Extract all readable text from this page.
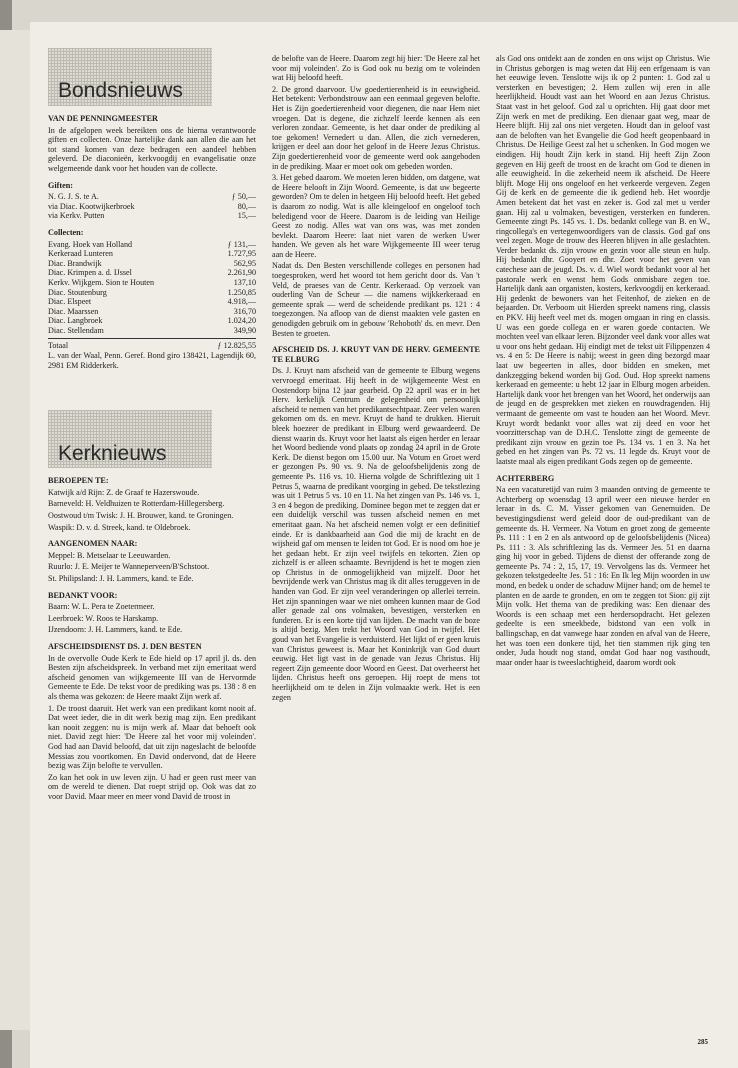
Bondsnieuws

VAN DE PENNINGMEESTER

In de afgelopen week bereikten ons de hierna verantwoorde giften en collecten. Onze hartelijke dank aan allen die aan het tot stand komen van deze bedragen een aandeel hebben geleverd. De diaconieën, kerkvoogdij en evangelisatie onze welgemeende dank voor het houden van de collecte.

Giften:

N. G. J. S. te A.	ƒ 50,—
via Diac. Kootwijkerbroek	80,—
via Kerkv. Putten	15,—

Collecten:

Evang. Hoek van Holland	ƒ 131,—
Kerkeraad Lunteren	1.727,95
Diac. Brandwijk	562,95
Diac. Krimpen a. d. IJssel	2.261,90
Kerkv. Wijkgem. Sion te Houten	137,10
Diac. Stoutenburg	1.250,85
Diac. Elspeet	4.918,—
Diac. Maarssen	316,70
Diac. Langbroek	1.024,20
Diac. Stellendam	349,90
Totaal	ƒ 12.825,55

L. van der Waal, Penn. Geref. Bond giro 138421, Lagendijk 60, 2981 EM Ridderkerk.

Kerknieuws

BEROEPEN TE:

Katwijk a/d Rijn: Z. de Graaf te Hazerswoude.

Barneveld: H. Veldhuizen te Rotterdam-Hillegersberg.

Oostwoud t/m Twisk: J. H. Brouwer, kand. te Groningen.

Waspik: D. v. d. Streek, kand. te Oldebroek.

AANGENOMEN NAAR:

Meppel: B. Metselaar te Leeuwarden.

Ruurlo: J. E. Meijer te Wanneperveen/B'Schstoot.

St. Philipsland: J. H. Lammers, kand. te Ede.

BEDANKT VOOR:

Baarn: W. L. Pera te Zoetermeer.

Leerbroek: W. Roos te Harskamp.

IJzendoorn: J. H. Lammers, kand. te Ede.

AFSCHEIDSDIENST DS. J. DEN BESTEN

In de overvolle Oude Kerk te Ede hield op 17 april jl. ds. den Besten zijn afscheidspreek. In verband met zijn emeritaat werd afscheid genomen van wijkgemeente III van de Hervormde Gemeente te Ede. De tekst voor de prediking was ps. 138 : 8 en als thema was gekozen: de Heere maakt Zijn werk af.

1. De troost daaruit. Het werk van een predikant komt nooit af. Dat weet ieder, die in dit werk bezig mag zijn. Een predikant kan nooit zeggen: nu is mijn werk af. Maar dat behoeft ook niet. David zegt hier: 'De Heere zal het voor mij voleinden'. God had aan David beloofd, dat uit zijn nageslacht de beloofde Messias zou voortkomen. En David ondervond, dat de Heere bezig was Zijn belofte te vervullen.

Zo kan het ook in uw leven zijn. U had er geen rust meer van om de wereld te dienen. Dat roept strijd op. Ook was dat zo voor David. Maar meer en meer vond David de troost in

de belofte van de Heere. Daarom zegt hij hier: 'De Heere zal het voor mij voleinden'. Zo is God ook nu bezig om te voleinden wat Hij beloofd heeft.

2. De grond daarvoor. Uw goedertierenheid is in eeuwigheid. Het betekent: Verbondstrouw aan een eenmaal gegeven belofte. Het is Zijn goedertierenheid voor diegenen, die naar Hem niet vroegen. Dat is degene, die zichzelf leerde kennen als een verloren zondaar. Gemeente, is het daar onder de prediking al toe gekomen! Vernedert u dan. Allen, die zich vernederen, krijgen er deel aan door het geloof in de Heere Jezus Christus. Zijn goedertierenheid voor de gemeente werd ook aangeboden in de prediking. Maar er moet ook om gebeden worden.

3. Het gebed daarom. We moeten leren bidden, om datgene, wat de Heere belooft in Zijn Woord. Gemeente, is dat uw begeerte geworden? Om te delen in hetgeen Hij beloofd heeft. Het gebed is daarom zo nodig. Wat is alle kleingeloof en ongeloof toch beledigend voor de Heere. Daarom is de leiding van Heilige Geest zo nodig. Alles wat van ons was, was met zonden bevlekt. Daarom Heere: laat niet varen de werken Uwer handen. We geven als het ware Wijkgemeente III weer terug aan de Heere.

Nadat ds. Den Besten verschillende colleges en personen had toegesproken, werd het woord tot hem gericht door ds. Van 't Veld, de praeses van de Centr. Kerkeraad. Op verzoek van ouderling Van de Scheur — die namens wijkkerkeraad en gemeente sprak — werd de scheidende predikant ps. 121 : 4 toegezongen. Na afloop van de dienst maakten vele gasten en genodigden gebruik om in gebouw 'Rehoboth' ds. en mevr. Den Besten te groeten.

AFSCHEID DS. J. KRUYT VAN DE HERV. GEMEENTE TE ELBURG

Ds. J. Kruyt nam afscheid van de gemeente te Elburg wegens vervroegd emeritaat. Hij heeft in de wijkgemeente West en Oostendorp bijna 12 jaar gearbeid. Op 22 april was er in het Herv. kerkelijk Centrum de gelegenheid om persoonlijk afscheid te nemen van het predikantsechtpaar. Zeer velen waren gekomen om ds. en mevr. Kruyt de hand te drukken. Hieruit bleek hoezeer de predikant in Elburg werd gewaardeerd. De dienst waarin ds. Kruyt voor het laatst als eigen herder en leraar het Woord bediende vond plaats op zondag 24 april in de Grote Kerk. De dienst begon om 15.00 uur. Na Votum en Groet werd er gezongen Ps. 90 vs. 9. Na de geloofsbelijdenis zong de gemeente Ps. 116 vs. 10. Hierna volgde de Schriftlezing uit 1 Petrus 5, waarna de predikant voorging in gebed. De tekstlezing was uit 1 Petrus 5 vs. 10 en 11. Na het zingen van Ps. 146 vs. 1, 3 en 4 begon de prediking. Dominee begon met te zeggen dat er een duidelijk verschil was tussen afscheid nemen en met emeritaat gaan. Na het afscheid nemen volgt er een definitief einde. Er is dankbaarheid aan God die mij de kracht en de wijsheid gaf om mensen te leiden tot God. Er is nood om hoe je het gedaan hebt. Er zijn veel twijfels en tekorten. Zien op zichzelf is er alleen schaamte. Bevrijdend is het te mogen zien op Christus in de onmogelijkheid van mijzelf. Door het bevrijdende werk van Christus mag ik dit alles teruggeven in de handen van God. Er zijn veel veranderingen op allerlei terrein. Het zijn spanningen waar we niet omheen kunnen maar de God aller genade zal ons volmaken, bevestigen, versterken en funderen. Er is een korte tijd van lijden. De macht van de boze is altijd bezig. Men trekt het Woord van God in twijfel. Het goud van het Evangelie is verduisterd. Het lijkt of er geen kruis van Christus geweest is. Maar het Koninkrijk van God duurt eeuwig. Het ligt vast in de genade van Jezus Christus. Hij regeert Zijn gemeente door Woord en Geest. Dat overheerst het lijden. Christus heeft ons geroepen. Hij roept de mens tot heerlijkheid om te delen in Zijn volmaakte werk. Het is een zegen

als God ons ontdekt aan de zonden en ons wijst op Christus. Wie in Christus geborgen is mag weten dat Hij een erfgenaam is van het eeuwige leven. Tenslotte wijs ik op 2 punten: 1. God zal u versterken en bevestigen; 2. Hem zullen wij eren in alle heerlijkheid. Houdt vast aan het Woord en aan Jezus Christus. Staat vast in het geloof. God zal u oprichten. Hij gaat door met Zijn werk en met de prediking. Een dienaar gaat weg, maar de Heere blijft. Hij zal ons niet vergeten. Houdt dan in geloof vast aan de beloften van het Evangelie die God heeft geopenbaard in Christus. De Heilige Geest zal het u schenken. In God mogen we eindigen. Hij houdt Zijn kerk in stand. Hij heeft Zijn Zoon gegeven en Hij geeft de troost en de kracht om God te dienen in alle eeuwigheid. In die zekerheid neem ik afscheid. De Heere blijft. Moge Hij ons ongeloof en het verkeerde vergeven. Zegen Gij de kerk en de gemeente die ik gediend heb. Het woordje Amen betekent dat het vast en zeker is. God zal met u verder gaan. Hij zal u volmaken, bevestigen, versterken en funderen. Gemeente zingt Ps. 145 vs. 1. Ds. bedankt college van B. en W., ringcollega's en vertegenwoordigers van de classis. God gaf ons veel zegen. Moge de trouw des Heeren blijven in alle geslachten. Verder bedankt ds. zijn vrouw en gezin voor alle steun en hulp. Hij bedankt dhr. Gooyert en dhr. Zoet voor het geven van catechese aan de jeugd. Ds. v. d. Wiel wordt bedankt voor al het pastorale werk en wenst hem Gods onmisbare zegen toe. Hartelijk dank aan organisten, kosters, kerkvoogdij en kerkeraad. Hij gedenkt de bewoners van het Feitenhof, de zieken en de bejaarden. Dr. Verboom uit Hierden spreekt namens ring, classis en PKV. Hij heeft veel met ds. mogen omgaan in ring en classis. U was een goede collega en er waren goede contacten. We mochten veel van elkaar leren. Bijzonder veel dank voor alles wat u voor ons hebt gedaan. Hij eindigt met de tekst uit Filippenzen 4 vs. 4 en 5: De Heere is nabij; weest in geen ding bezorgd maar laat uw begeerten in alles, door bidden en smeken, met dankzegging bekend worden bij God. Oud. Hop spreekt namens kerkeraad en gemeente: u hebt 12 jaar in Elburg mogen arbeiden. Hartelijk dank voor het brengen van het Woord, het onderwijs aan de jeugd en de gesprekken met zieken en rouwdragenden. Hij vermaant de gemeente om vast te houden aan het Woord. Mevr. Kruyt wordt bedankt voor alles wat zij deed en voor het voorzitterschap van de D.H.C. Tenslotte zingt de gemeente de predikant zijn vrouw en gezin toe Ps. 134 vs. 1 en 3. Na het gebed en het zingen van Ps. 72 vs. 11 legde ds. Kruyt voor de laatste maal als eigen predikant Gods zegen op de gemeente.

ACHTERBERG

Na een vacaturetijd van ruim 3 maanden ontving de gemeente te Achterberg op woensdag 13 april weer een nieuwe herder en leraar in ds. C. M. Visser gekomen van Genemuiden. De bevestigingsdienst werd geleid door de oud-predikant van de gemeente ds. H. Vermeer. Na Votum en groet zong de gemeente Ps. 111 : 1 en 2 en als antwoord op de geloofsbelijdenis (Nicea) Ps. 111 : 3. Als schriftlezing las ds. Vermeer Jes. 51 en daarna ging hij voor in gebed. Tijdens de dienst der offerande zong de gemeente Ps. 74 : 2, 15, 17, 19. Vervolgens las ds. Vermeer het gekozen tekstgedeelte Jes. 51 : 16: En Ik leg Mijn woorden in uw mond, en bedek u onder de schaduw Mijner hand; om de hemel te planten en de aarde te gronden, en om te zeggen tot Sion: gij zijt Mijn volk. Het thema van de prediking was: Een dienaar des Woords is een schaap met een herdersopdracht. Het gelezen gedeelte is een smeekbede, bidstond van een volk in ballingschap, en dat vanwege haar zonden en afval van de Heere, het was toen een donkere tijd, het tien stammen rijk ging ten onder, Juda houdt nog stand, omdat God haar nog vasthoudt, maar onder haar is tweeslachtigheid, daarom wordt ook

285
